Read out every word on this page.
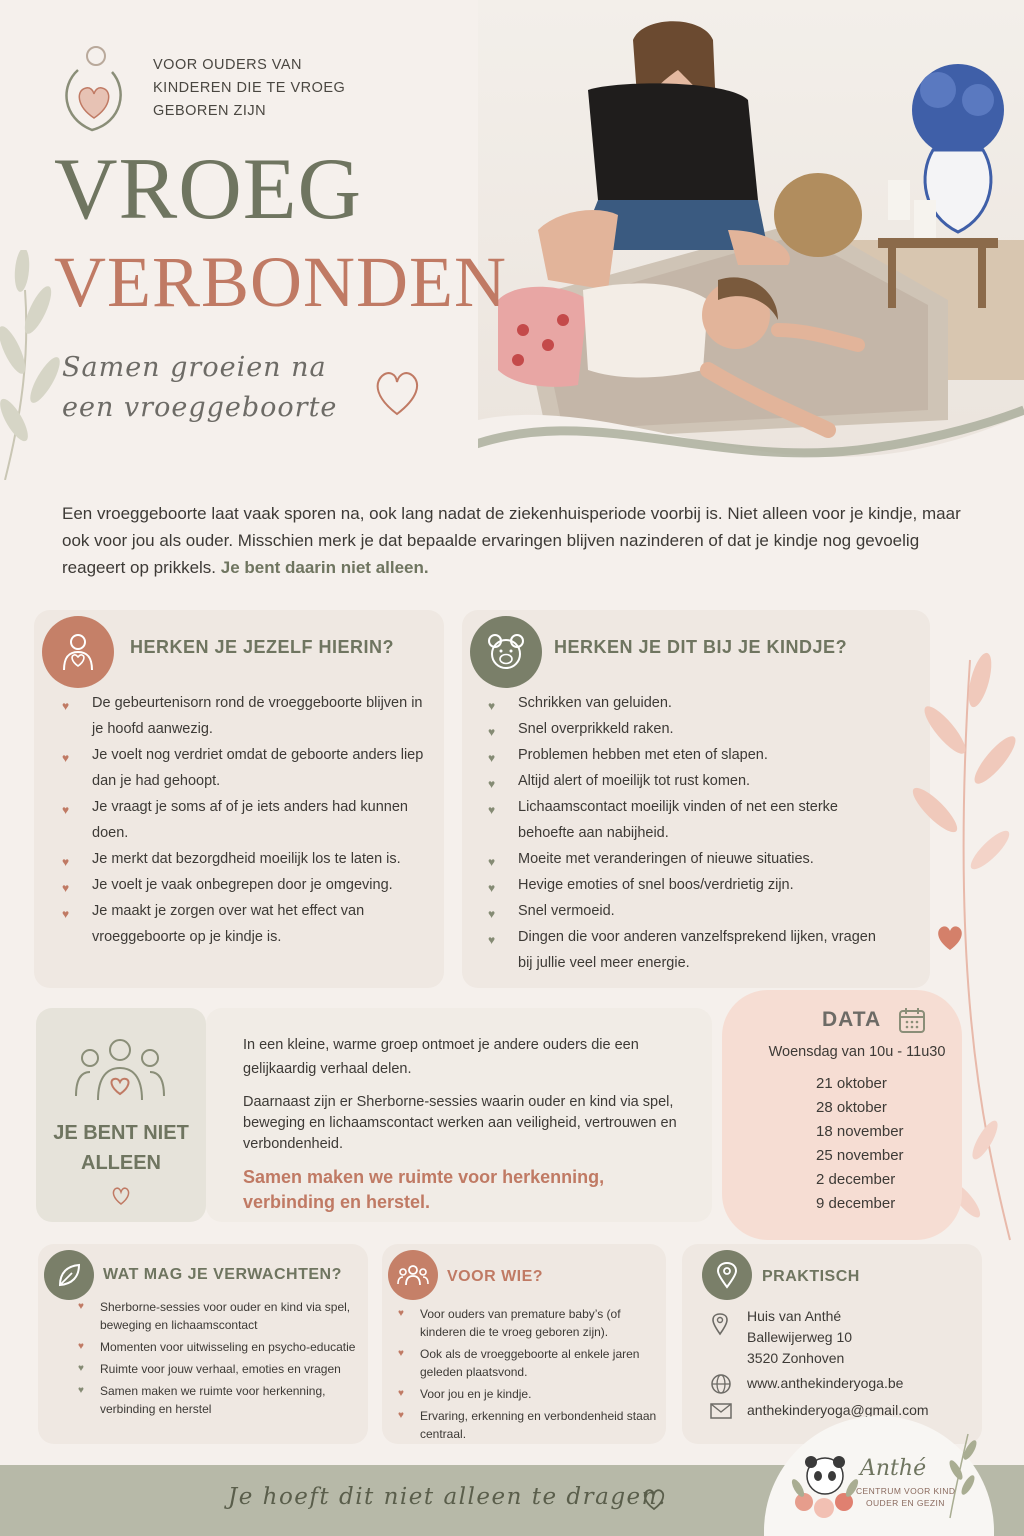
VOOR OUDERS VAN KINDEREN DIE TE VROEG GEBOREN ZIJN
VROEG
VERBONDEN
Samen groeien na een vroeggeboorte
Een vroeggeboorte laat vaak sporen na, ook lang nadat de ziekenhuisperiode voorbij is. Niet alleen voor je kindje, maar ook voor jou als ouder. Misschien merk je dat bepaalde ervaringen blijven nazinderen of dat je kindje nog gevoelig reageert op prikkels. Je bent daarin niet alleen.
HERKEN JE JEZELF HIERIN?
♥ De gebeurtenisorn rond de vroeggeboorte blijven in je hoofd aanwezig.
♥ Je voelt nog verdriet omdat de geboorte anders liep dan je had gehoopt.
♥ Je vraagt je soms af of je iets anders had kunnen doen.
♥ Je merkt dat bezorgdheid moeilijk los te laten is.
♥ Je voelt je vaak onbegrepen door je omgeving.
♥ Je maakt je zorgen over wat het effect van vroeggeboorte op je kindje is.
HERKEN JE DIT BIJ JE KINDJE?
♥ Schrikken van geluiden.
♥ Snel overprikkeld raken.
♥ Problemen hebben met eten of slapen.
♥ Altijd alert of moeilijk tot rust komen.
♥ Lichaamscontact moeilijk vinden of net een sterke behoefte aan nabijheid.
♥ Moeite met veranderingen of nieuwe situaties.
♥ Hevige emoties of snel boos/verdrietig zijn.
♥ Snel vermoeid.
♥ Dingen die voor anderen vanzelfsprekend lijken, vragen bij jullie veel meer energie.
JE BENT NIET ALLEEN
In een kleine, warme groep ontmoet je andere ouders die een gelijkaardig verhaal delen.
Daarnaast zijn er Sherborne-sessies waarin ouder en kind via spel, beweging en lichaamscontact werken aan veiligheid, vertrouwen en verbondenheid.
Samen maken we ruimte voor herkenning, verbinding en herstel.
DATA
Woensdag van 10u - 11u30
21 oktober
28 oktober
18 november
25 november
2 december
9 december
WAT MAG JE VERWACHTEN?
♥ Sherborne-sessies voor ouder en kind via spel, beweging en lichaamscontact
♥ Momenten voor uitwisseling en psycho-educatie
♥ Ruimte voor jouw verhaal, emoties en vragen
♥ Samen maken we ruimte voor herkenning, verbinding en herstel
VOOR WIE?
♥ Voor ouders van premature baby’s (of kinderen die te vroeg geboren zijn).
♥ Ook als de vroeggeboorte al enkele jaren geleden plaatsvond.
♥ Voor jou en je kindje.
♥ Ervaring, erkenning en verbondenheid staan centraal.
PRAKTISCH
Huis van Anthé
Ballewijerweg 10
3520 Zonhoven
www.anthekinderyoga.be
anthekinderyoga@gmail.com
Je hoeft dit niet alleen te dragen.
Anthé
CENTRUM VOOR KIND
OUDER EN GEZIN
